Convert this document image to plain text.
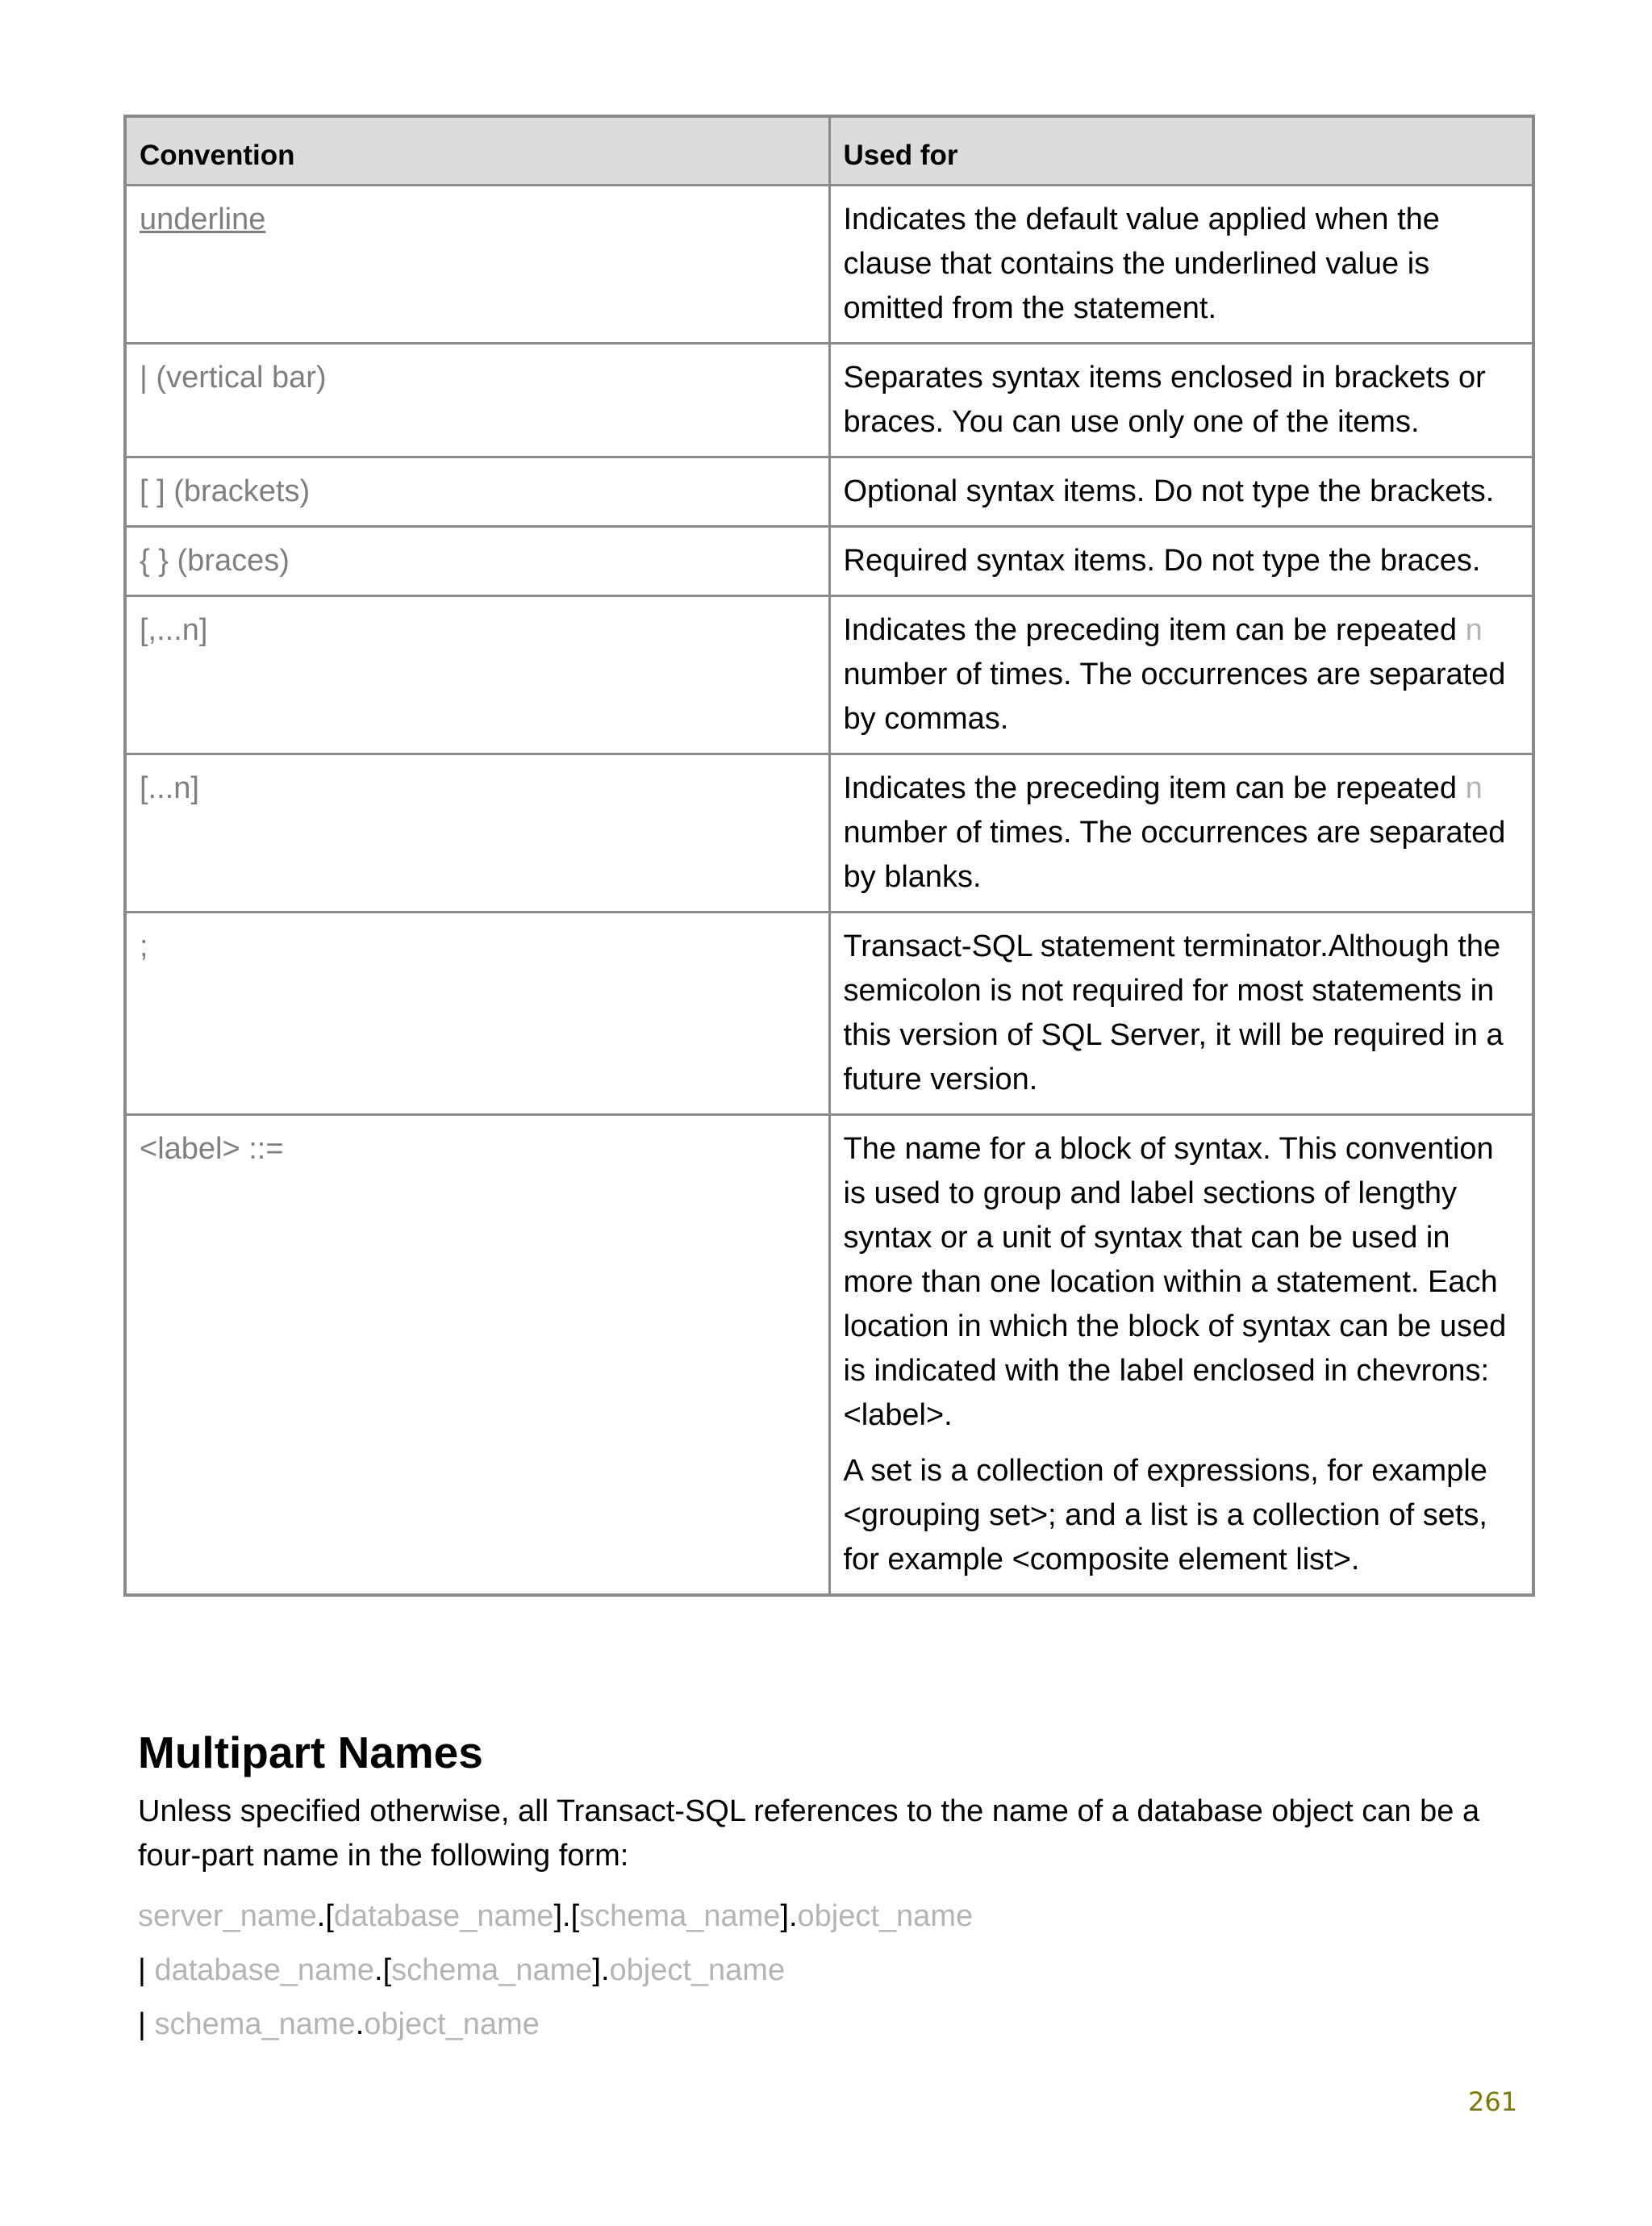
Convention	Used for
underline	Indicates the default value applied when the clause that contains the underlined value is omitted from the statement.
| (vertical bar)	Separates syntax items enclosed in brackets or braces. You can use only one of the items.
[ ] (brackets)	Optional syntax items. Do not type the brackets.
{ } (braces)	Required syntax items. Do not type the braces.
[,...n]	Indicates the preceding item can be repeated n number of times. The occurrences are separated by commas.
[...n]	Indicates the preceding item can be repeated n number of times. The occurrences are separated by blanks.
;	Transact-SQL statement terminator.Although the semicolon is not required for most statements in this version of SQL Server, it will be required in a future version.
<label> ::=	The name for a block of syntax. This convention is used to group and label sections of lengthy syntax or a unit of syntax that can be used in more than one location within a statement. Each location in which the block of syntax can be used is indicated with the label enclosed in chevrons: <label>.
A set is a collection of expressions, for example <grouping set>; and a list is a collection of sets, for example <composite element list>.
Multipart Names

Unless specified otherwise, all Transact-SQL references to the name of a database object can be a four-part name in the following form:

server_name.[database_name].[schema_name].object_name
| database_name.[schema_name].object_name
| schema_name.object_name
261
